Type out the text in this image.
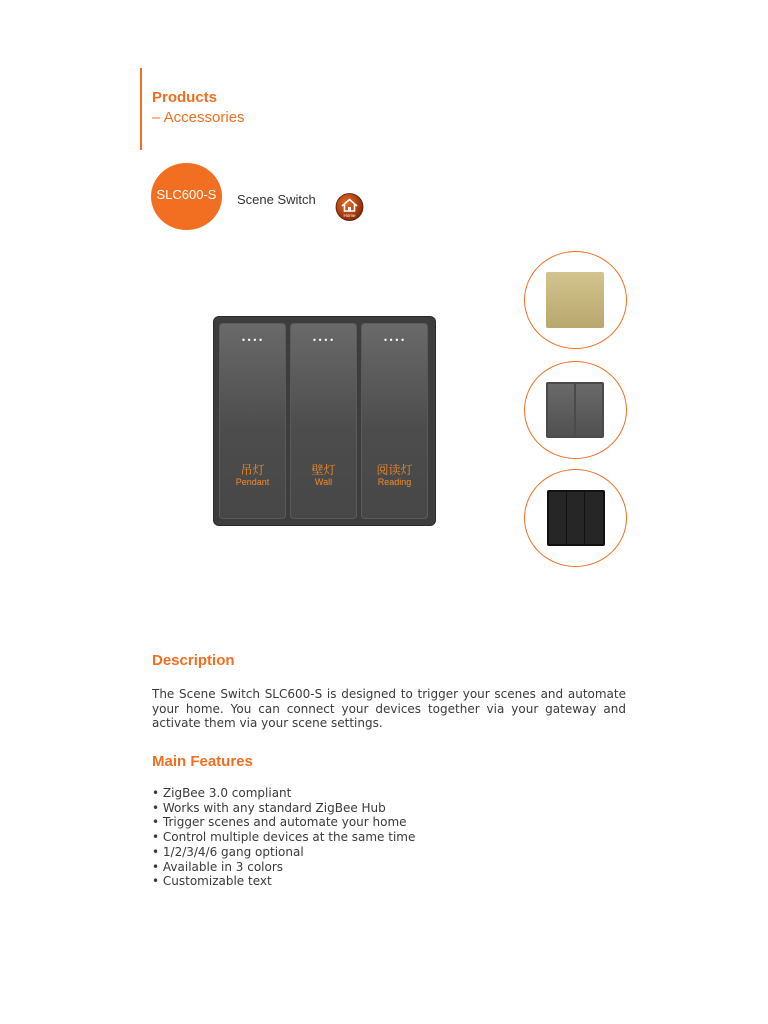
Products
– Accessories
SLC600-S Scene Switch
Home
••••
吊灯
Pendant
••••
壁灯
Wall
••••
阅读灯
Reading
Description
The Scene Switch SLC600-S is designed to trigger your scenes and automate your home. You can connect your devices together via your gateway and activate them via your scene settings.
Main Features
• ZigBee 3.0 compliant
• Works with any standard ZigBee Hub
• Trigger scenes and automate your home
• Control multiple devices at the same time
• 1/2/3/4/6 gang optional
• Available in 3 colors
• Customizable text
